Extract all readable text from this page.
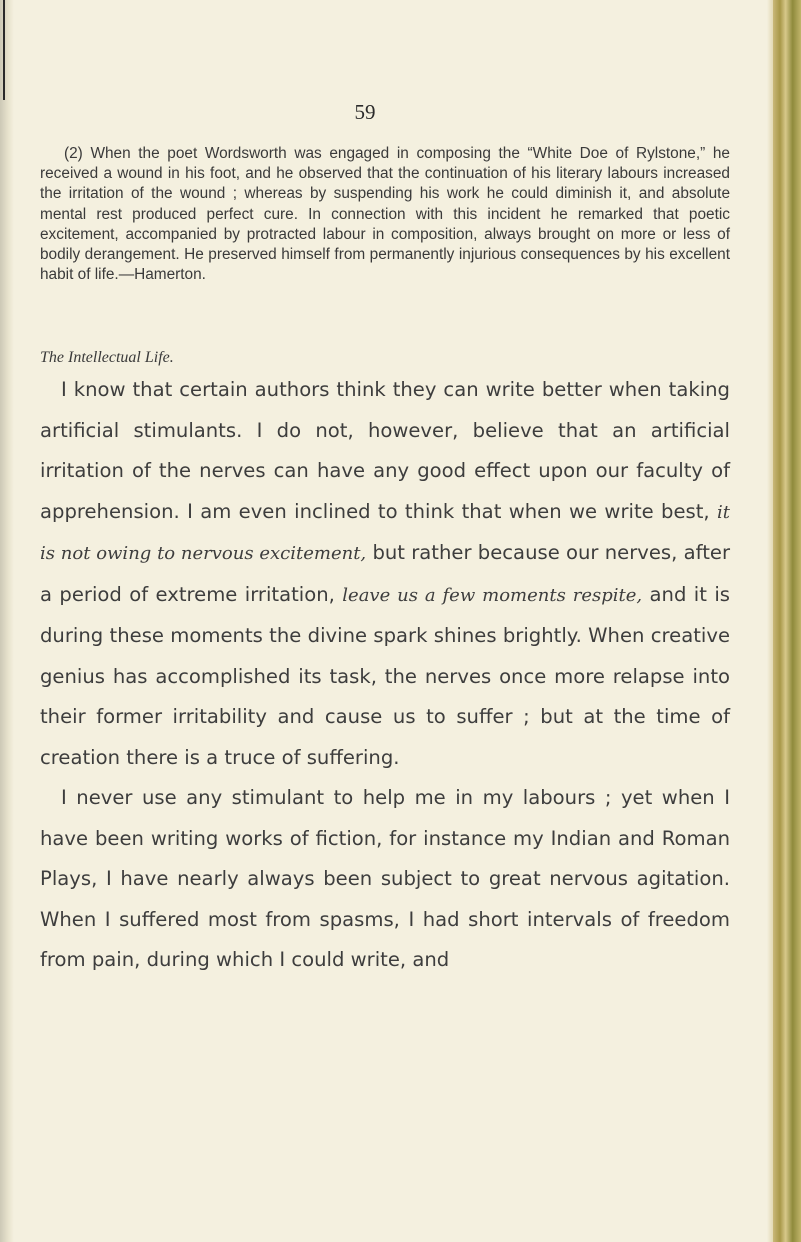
59

(2) When the poet Wordsworth was engaged in composing the “White Doe of Rylstone,” he received a wound in his foot, and he observed that the continuation of his literary labours increased the irritation of the wound ; whereas by suspending his work he could diminish it, and absolute mental rest produced perfect cure. In connection with this incident he remarked that poetic excitement, accompanied by protracted labour in composition, always brought on more or less of bodily derangement. He preserved himself from permanently injurious consequences by his excellent habit of life.—Hamerton.

The Intellectual Life.

I know that certain authors think they can write better when taking artificial stimulants. I do not, however, believe that an artificial irritation of the nerves can have any good effect upon our faculty of apprehension. I am even inclined to think that when we write best, it is not owing to nervous excitement, but rather because our nerves, after a period of extreme irritation, leave us a few moments respite, and it is during these moments the divine spark shines brightly. When creative genius has accomplished its task, the nerves once more relapse into their former irritability and cause us to suffer ; but at the time of creation there is a truce of suffering.

I never use any stimulant to help me in my labours ; yet when I have been writing works of fiction, for instance my Indian and Roman Plays, I have nearly always been subject to great nervous agitation. When I suffered most from spasms, I had short intervals of freedom from pain, during which I could write, and
